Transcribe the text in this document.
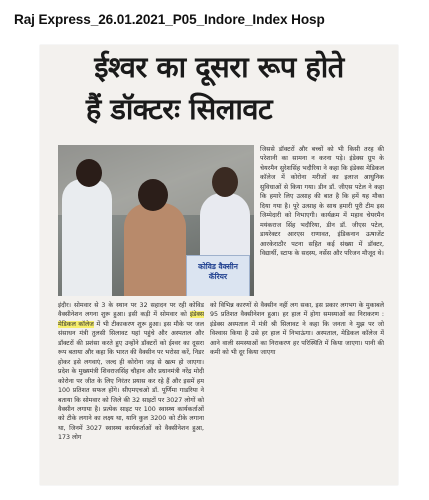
Raj Express_26.01.2021_P05_Indore_Index Hosp
ईश्वर का दूसरा रूप होते
हैं डॉक्टरः सिलावट
कोविड वैक्सीन कॅरियर
जिससे डॉक्टरों और बच्चों को भी किसी तरह की परेशानी का सामना न करना पड़े। इंडेक्स ग्रुप के चेयरमैन सुरेशसिंह भदौरिया ने कहा कि इंडेक्स मेडिकल कॉलेज में कोरोना मरीजों का इलाज आधुनिक सुविधाओं से किया गया। डीन डॉ. जीएस पटेल ने कहा कि हमारे लिए उत्साह की बात है कि हमें यह मौका दिया गया है। पूरे उत्साह के साथ हमारी पूरी टीम इस जिम्मेदारी को निभाएगी। कार्यक्रम में महाव चेयरमैन मयंकराज सिंह भदौरिया, डीन डॉ. जीएस पटेल, डायरेक्टर आरएस राणावत, इंडिकनान ऊषाजेंट आरकेराठौर पटना सहित कई संख्या में डॉक्टर, विद्यार्थी, स्टाफ के सदस्य, नर्सेस और परिजन मौजूद थे।
इंदौर। सोमवार से 3 के स्थान पर 32 सहादन पर रही कोविड वैक्सीनेशन लगना शुरू हुआ। इसी कड़ी में सोमवार को इंडेक्स मेडिकल कॉलेज में भी टीकाकरण शुरू हुआ। इस मौके पर जल संसाधन मंत्री तुलसी सिलावट यहां पहुंचे और अस्पताल और डॉक्टरों की प्रशंसा करते हुए उन्होंने डॉक्टरों को ईश्वर का दूसरा रूप बताया और कहा कि भारत की वैक्सीन पर भरोसा करें, निडर होकर इसे लगवाएं, जल्द ही कोरोना जड़ से खत्म हो जाएगा। प्रदेश के मुख्यमंत्री शिवराजसिंह चौहान और प्रधानमंत्री नरेंद्र मोदी कोरोना पर जीत के लिए निरंतर प्रयास कर रहे हैं और इसमें हम 100 प्रतिशत सफल होंगे। सीएमएचओ डॉ. पूर्णिमा गाडरिया ने बताया कि सोमवार को जिले की 32 साइटों पर 3027 लोगों को वैक्सीन लगाया है। प्रत्येक साइट पर 100 स्वास्थ्य कार्यकर्ताओं को टीके लगाने का लक्ष्य था, यानि कुल 3200 को टीके लगाना था, जिनमें 3027 स्वास्थ्य कार्यकर्ताओं को वैक्सीनेशन हुआ, 173 लोग
को विभिन्न कारणों से वैक्सीन नहीं लग सका, इस प्रकार लगभग के मुकाबले 95 प्रतिशत वैक्सीनेशन हुआ। हर हाल में होगा समस्याओं का निराकरण : इंडेक्स अस्पताल में मंत्री श्री सिलावट ने कहा कि जनता ने मुझ पर जो विश्वास किया है उसे हर हाल में निभाऊंगा। अस्पताल, मेडिकल कॉलेज में आने वाली समस्याओं का निराकरण हर परिस्थिति में किया जाएगा। पानी की कमी को भी दूर किया जाएगा
